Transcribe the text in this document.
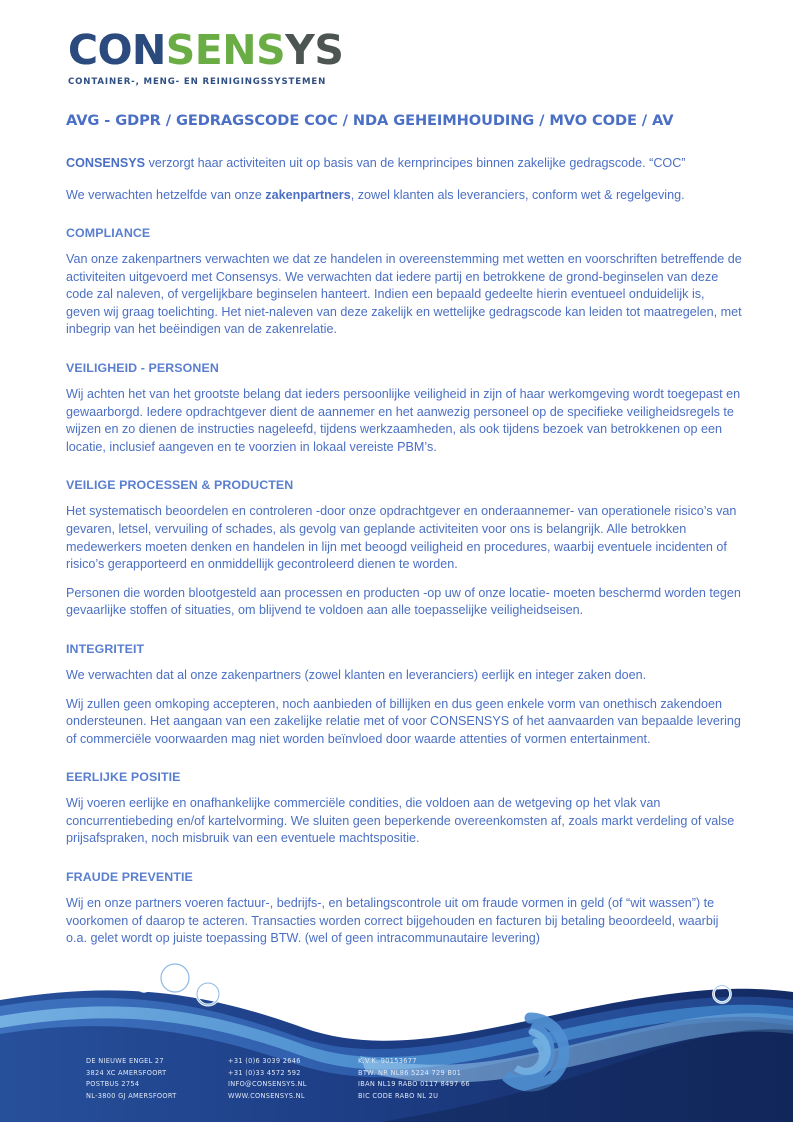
CONSENSYS
CONTAINER-, MENG- EN REINIGINGSSYSTEMEN
AVG - GDPR / GEDRAGSCODE COC / NDA GEHEIMHOUDING / MVO CODE / AV

CONSENSYS verzorgt haar activiteiten uit op basis van de kernprincipes binnen zakelijke gedragscode. “COC”

We verwachten hetzelfde van onze zakenpartners, zowel klanten als leveranciers, conform wet & regelgeving.

COMPLIANCE

Van onze zakenpartners verwachten we dat ze handelen in overeenstemming met wetten en voorschriften betreffende de activiteiten uitgevoerd met Consensys. We verwachten dat iedere partij en betrokkene de grond-beginselen van deze code zal naleven, of vergelijkbare beginselen hanteert. Indien een bepaald gedeelte hierin eventueel onduidelijk is, geven wij graag toelichting. Het niet-naleven van deze zakelijk en wettelijke gedragscode kan leiden tot maatregelen, met inbegrip van het beëindigen van de zakenrelatie.

VEILIGHEID - PERSONEN

Wij achten het van het grootste belang dat ieders persoonlijke veiligheid in zijn of haar werkomgeving wordt toegepast en gewaarborgd. Iedere opdrachtgever dient de aannemer en het aanwezig personeel op de specifieke veiligheidsregels te wijzen en zo dienen de instructies nageleefd, tijdens werkzaamheden, als ook tijdens bezoek van betrokkenen op een locatie, inclusief aangeven en te voorzien in lokaal vereiste PBM’s.

VEILIGE PROCESSEN & PRODUCTEN

Het systematisch beoordelen en controleren -door onze opdrachtgever en onderaannemer- van operationele risico’s van gevaren, letsel, vervuiling of schades, als gevolg van geplande activiteiten voor ons is belangrijk. Alle betrokken medewerkers moeten denken en handelen in lijn met beoogd veiligheid en procedures, waarbij eventuele incidenten of risico’s gerapporteerd en onmiddellijk gecontroleerd dienen te worden.

Personen die worden blootgesteld aan processen en producten -op uw of onze locatie- moeten beschermd worden tegen gevaarlijke stoffen of situaties, om blijvend te voldoen aan alle toepasselijke veiligheidseisen.

INTEGRITEIT

We verwachten dat al onze zakenpartners (zowel klanten en leveranciers) eerlijk en integer zaken doen.

Wij zullen geen omkoping accepteren, noch aanbieden of billijken en dus geen enkele vorm van onethisch zakendoen ondersteunen. Het aangaan van een zakelijke relatie met of voor CONSENSYS of het aanvaarden van bepaalde levering of commerciële voorwaarden mag niet worden beïnvloed door waarde attenties of vormen entertainment.

EERLIJKE POSITIE

Wij voeren eerlijke en onafhankelijke commerciële condities, die voldoen aan de wetgeving op het vlak van concurrentiebeding en/of kartelvorming. We sluiten geen beperkende overeenkomsten af, zoals markt verdeling of valse prijsafspraken, noch misbruik van een eventuele machtspositie.

FRAUDE PREVENTIE

Wij en onze partners voeren factuur-, bedrijfs-, en betalingscontrole uit om fraude vormen in geld (of “wit wassen”) te voorkomen of daarop te acteren. Transacties worden correct bijgehouden en facturen bij betaling beoordeeld, waarbij o.a. gelet wordt op juiste toepassing BTW. (wel of geen intracommunautaire levering)

DE NIEUWE ENGEL 27
3824 XC AMERSFOORT
POSTBUS 2754
NL-3800 GJ AMERSFOORT
+31 (0)6 3039 2646
+31 (0)33 4572 592
INFO@CONSENSYS.NL
WWW.CONSENSYS.NL
K.V.K. 90153677
BTW. NR NL86 5224 729 B01
IBAN NL19 RABO 0117 8497 66
BIC CODE RABO NL 2U
